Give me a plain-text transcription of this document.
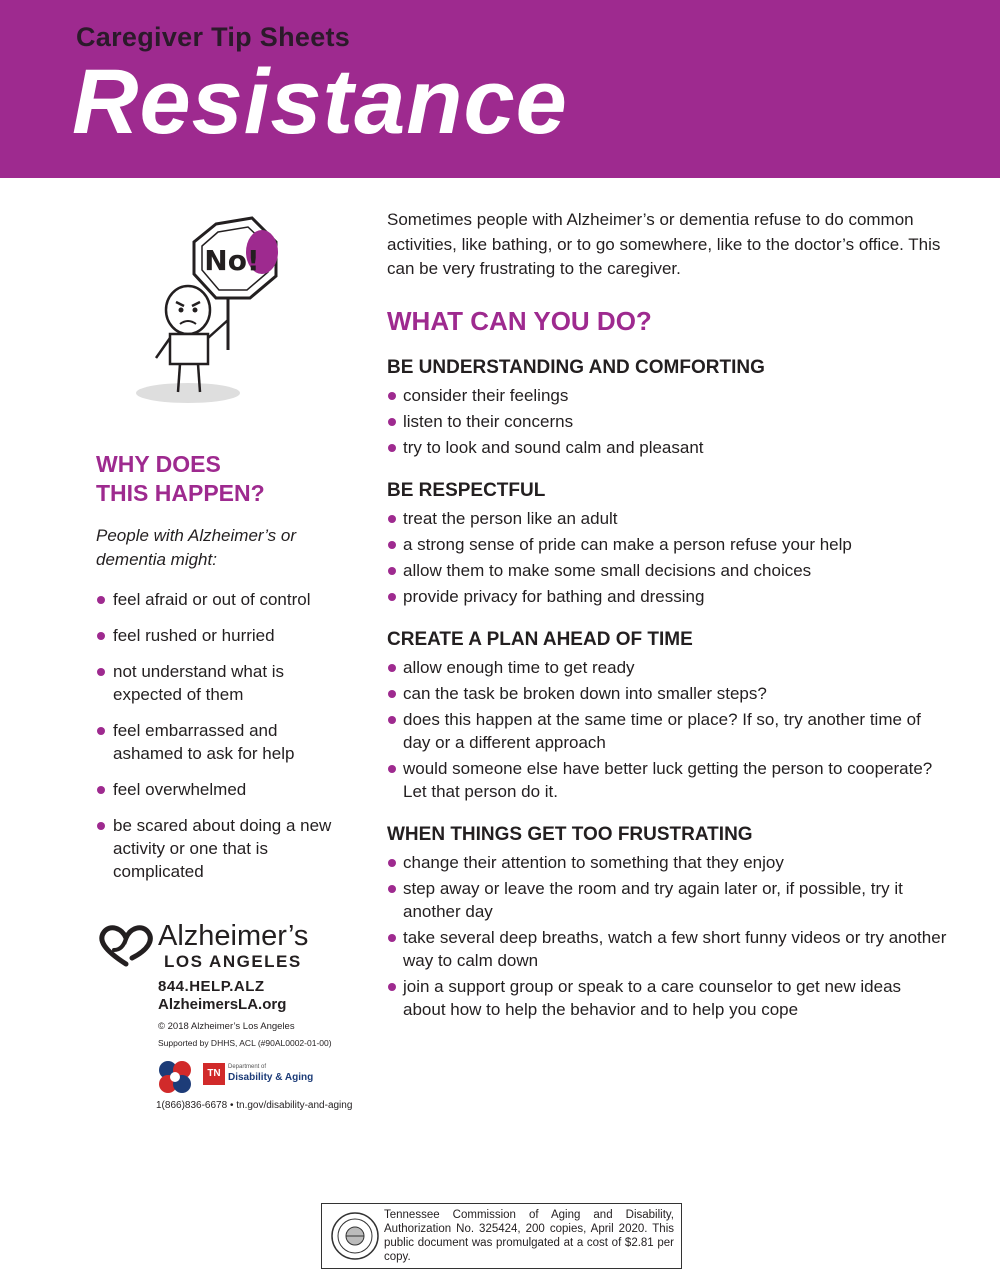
Caregiver Tip Sheets
Resistance
No!
WHY DOES
THIS HAPPEN?
People with Alzheimer’s or dementia might:
feel afraid or out of control
feel rushed or hurried
not understand what is expected of them
feel embarrassed and ashamed to ask for help
feel overwhelmed
be scared about doing a new activity or one that is complicated
Alzheimer’s
LOS ANGELES
844.HELP.ALZ
AlzheimersLA.org
© 2018 Alzheimer’s Los Angeles
Supported by DHHS, ACL (#90AL0002-01-00)
TN
Department of
Disability & Aging
1(866)836-6678 • tn.gov/disability-and-aging

Sometimes people with Alzheimer’s or dementia refuse to do common activities, like bathing, or to go somewhere, like to the doctor’s office. This can be very frustrating to the caregiver.

WHAT CAN YOU DO?
BE UNDERSTANDING AND COMFORTING
consider their feelings
listen to their concerns
try to look and sound calm and pleasant
BE RESPECTFUL
treat the person like an adult
a strong sense of pride can make a person refuse your help
allow them to make some small decisions and choices
provide privacy for bathing and dressing
CREATE A PLAN AHEAD OF TIME
allow enough time to get ready
can the task be broken down into smaller steps?
does this happen at the same time or place? If so, try another time of day or a different approach
would someone else have better luck getting the person to cooperate? Let that person do it.
WHEN THINGS GET TOO FRUSTRATING
change their attention to something that they enjoy
step away or leave the room and try again later or, if possible, try it another day
take several deep breaths, watch a few short funny videos or try another way to calm down
join a support group or speak to a care counselor to get new ideas about how to help the behavior and to help you cope
Tennessee Commission of Aging and Disability, Authorization No. 325424, 200 copies, April 2020. This public document was promulgated at a cost of $2.81 per copy.
